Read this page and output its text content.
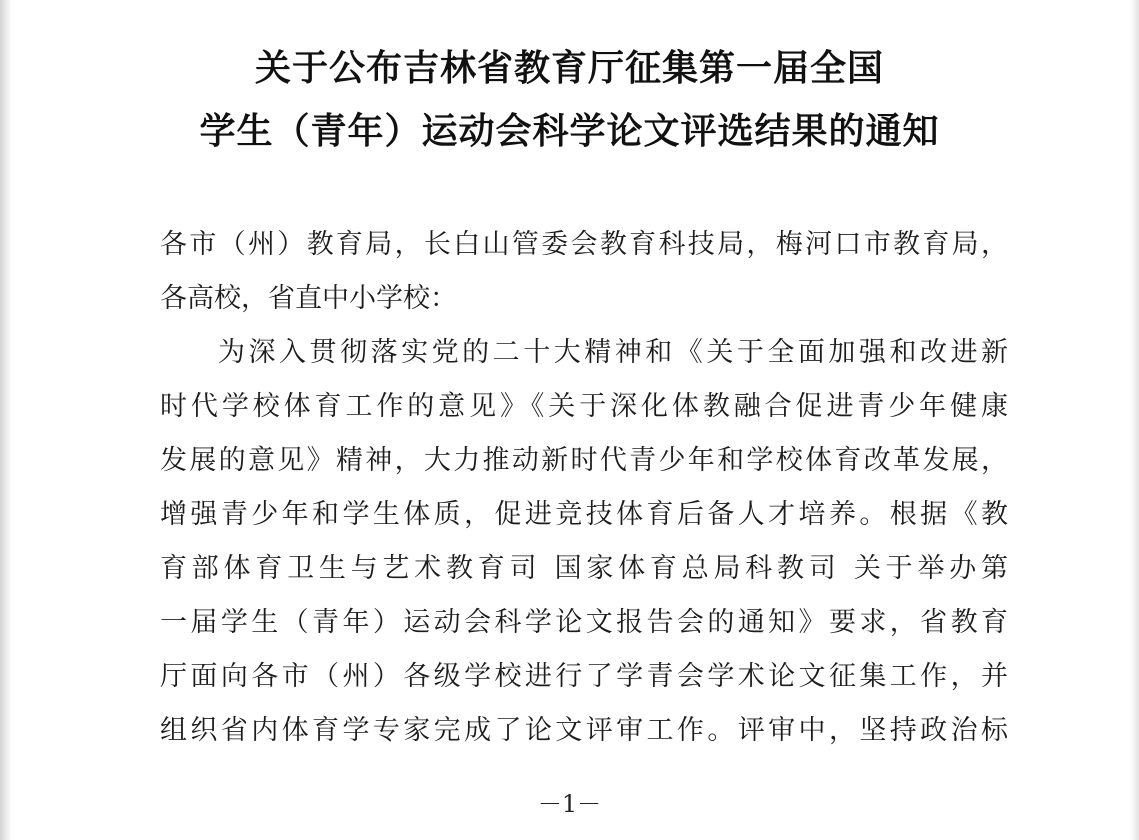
关于公布吉林省教育厅征集第一届全国
学生（青年）运动会科学论文评选结果的通知

各市（州）教育局，长白山管委会教育科技局，梅河口市教育局，

各高校，省直中小学校：

为深入贯彻落实党的二十大精神和《关于全面加强和改进新

时代学校体育工作的意见》《关于深化体教融合促进青少年健康

发展的意见》精神，大力推动新时代青少年和学校体育改革发展，

增强青少年和学生体质，促进竞技体育后备人才培养。根据《教

育部体育卫生与艺术教育司 国家体育总局科教司 关于举办第

一届学生（青年）运动会科学论文报告会的通知》要求，省教育

厅面向各市（州）各级学校进行了学青会学术论文征集工作，并

组织省内体育学专家完成了论文评审工作。评审中，坚持政治标

－1－
